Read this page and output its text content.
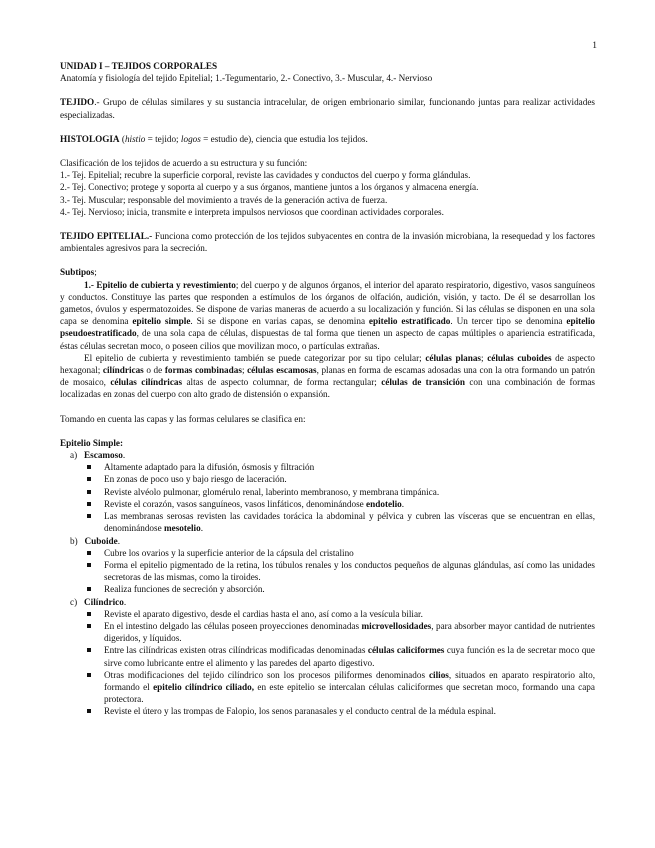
1

UNIDAD I – TEJIDOS CORPORALES

Anatomía y fisiología del tejido Epitelial; 1.-Tegumentario, 2.- Conectivo, 3.- Muscular, 4.- Nervioso

TEJIDO.- Grupo de células similares y su sustancia intracelular, de origen embrionario similar, funcionando juntas para realizar actividades especializadas.

HISTOLOGIA (histio = tejido; logos = estudio de), ciencia que estudia los tejidos.

Clasificación de los tejidos de acuerdo a su estructura y su función:

1.- Tej. Epitelial; recubre la superficie corporal, reviste las cavidades y conductos del cuerpo y forma glándulas.

2.- Tej. Conectivo; protege y soporta al cuerpo y a sus órganos, mantiene juntos a los órganos y almacena energía.

3.- Tej. Muscular; responsable del movimiento a través de la generación activa de fuerza.

4.- Tej. Nervioso; inicia, transmite e interpreta impulsos nerviosos que coordinan actividades corporales.

TEJIDO EPITELIAL.- Funciona como protección de los tejidos subyacentes en contra de la invasión microbiana, la resequedad y los factores ambientales agresivos para la secreción.

Subtipos;

1.- Epitelio de cubierta y revestimiento; del cuerpo y de algunos órganos, el interior del aparato respiratorio, digestivo, vasos sanguíneos y conductos. Constituye las partes que responden a estímulos de los órganos de olfación, audición, visión, y tacto. De él se desarrollan los gametos, óvulos y espermatozoides. Se dispone de varias maneras de acuerdo a su localización y función. Si las células se disponen en una sola capa se denomina epitelio simple. Si se dispone en varias capas, se denomina epitelio estratificado. Un tercer tipo se denomina epitelio pseudoestratificado, de una sola capa de células, dispuestas de tal forma que tienen un aspecto de capas múltiples o apariencia estratificada, éstas células secretan moco, o poseen cilios que movilizan moco, o partículas extrañas.

El epitelio de cubierta y revestimiento también se puede categorizar por su tipo celular; células planas; células cuboides de aspecto hexagonal; cilíndricas o de formas combinadas; células escamosas, planas en forma de escamas adosadas una con la otra formando un patrón de mosaico, células cilíndricas altas de aspecto columnar, de forma rectangular; células de transición con una combinación de formas localizadas en zonas del cuerpo con alto grado de distensión o expansión.

Tomando en cuenta las capas y las formas celulares se clasifica en:

Epitelio Simple:

a) Escamoso.

Altamente adaptado para la difusión, ósmosis y filtración
En zonas de poco uso y bajo riesgo de laceración.
Reviste alvéolo pulmonar, glomérulo renal, laberinto membranoso, y membrana timpánica.
Reviste el corazón, vasos sanguíneos, vasos linfáticos, denominándose endotelio.
Las membranas serosas revisten las cavidades torácica la abdominal y pélvica y cubren las vísceras que se encuentran en ellas, denominándose mesotelio.

b) Cuboide.

Cubre los ovarios y la superficie anterior de la cápsula del cristalino
Forma el epitelio pigmentado de la retina, los túbulos renales y los conductos pequeños de algunas glándulas, así como las unidades secretoras de las mismas, como la tiroides.
Realiza funciones de secreción y absorción.

c) Cilíndrico.

Reviste el aparato digestivo, desde el cardias hasta el ano, así como a la vesícula biliar.
En el intestino delgado las células poseen proyecciones denominadas microvellosidades, para absorber mayor cantidad de nutrientes digeridos, y líquidos.
Entre las cilíndricas existen otras cilíndricas modificadas denominadas células caliciformes cuya función es la de secretar moco que sirve como lubricante entre el alimento y las paredes del aparto digestivo.
Otras modificaciones del tejido cilíndrico son los procesos piliformes denominados cilios, situados en aparato respiratorio alto, formando el epitelio cilíndrico ciliado, en este epitelio se intercalan células caliciformes que secretan moco, formando una capa protectora.
Reviste el útero y las trompas de Falopio, los senos paranasales y el conducto central de la médula espinal.
